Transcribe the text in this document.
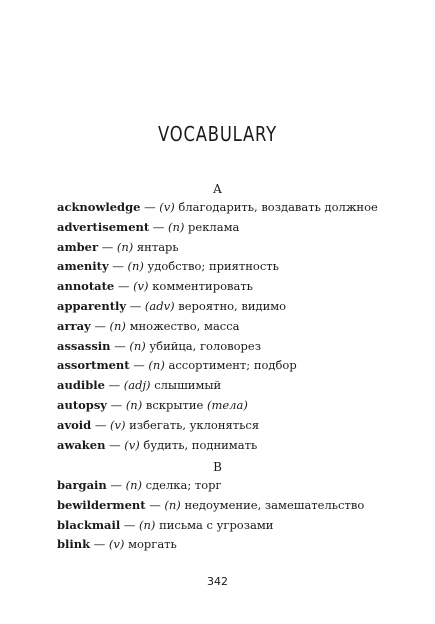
VOCABULARY
A
acknowledge — (v) благодарить, воздавать должное
advertisement — (n) реклама
amber — (n) янтарь
amenity — (n) удобство; приятность
annotate — (v) комментировать
apparently — (adv) вероятно, видимо
array — (n) множество, масса
assassin — (n) убийца, головорез
assortment — (n) ассортимент; подбор
audible — (adj) слышимый
autopsy — (n) вскрытие (тела)
avoid — (v) избегать, уклоняться
awaken — (v) будить, поднимать
B
bargain — (n) сделка; торг
bewilderment — (n) недоумение, замешательство
blackmail — (n) письма с угрозами
blink — (v) моргать
342
